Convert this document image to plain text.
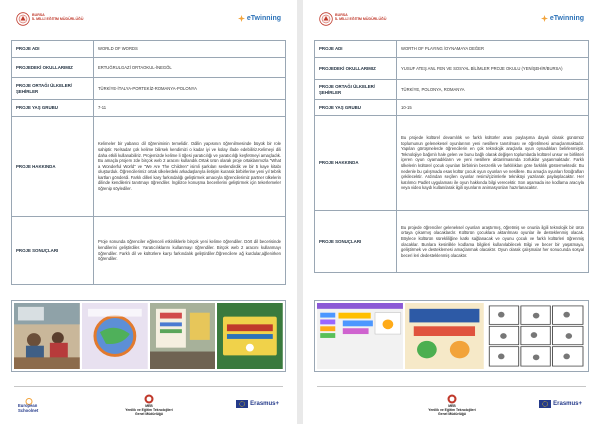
BURSA
İL MİLLİ EĞİTİM MÜDÜRLÜĞÜ	eTwinning
PROJE ADI	WORLD OF WORDS
PROJEDEKİ OKULLARIMIZ	ERTUĞRULGAZİ ORTAOKUL-İNEGÖL
PROJE ORTAĞI ÜLKELER/ŞEHİRLER	TÜRKİYE-İTALYA-PORTEKİZ-ROMANYA-POLONYA
PROJE YAŞ GRUBU	7-11
PROJE HAKKINDA	Kelimeler bir yabancı dil öğreniminin temelidir. Odilin yapısının öğrenilmesinde büyük bir role sahiptir. Nelsadar çok kelime bilirsek kendimizi o kadar iyi ve kolay ifade edebiliriz.Kelimeyi dili daha etkili kullanabiliriz. Projemizde kelime li öğesi yaratıcılığı ve yaratıcılığı keşfetmeyi amaçladık. Bu amaçla projem zde birçok web 2 aracını kullandık.Ortak ürün olarak proje ortaklarımızla "What a Wonderful World" ve "We Are The Children" isimli şarkıları seslendirdik ve bir 5 kaye kitabı oluşturduk. Öğrencilerimiz ortak ülkelerdeki arkadaşlarıyla iletişim kurarak birbirlerine yeni yıl tebrik kartları gönderdi. Farklı dilleri kary farkındalığı geliştirmek amacıyla öğrencilerimiz partner ülkelerin dilinde kendilerini tanıtmayı öğrendiler. İngilizce konuşma becerilerini geliştirmek için tekerlemeler öğrenip söylediler.
PROJE SONUÇLARI	Proje sonunda öğrenciler eğlenceli etkinliklerle birçok yeni kelime öğrendiler. Dört dil becerisinde kendilerini geliştirdiler. Yaratıcılıklarını kullanmayı öğrendiler. Birçok web 2 aracını kullanmayı öğrendiler. Farklı dil ve kültürlere karşı farkındalık geliştirdiler.Öğrencilere ağ kurdular,ağlenirken öğrendiler.
European
Schoolnet
MEB
Yenilik ve Eğitim Teknolojileri
Genel Müdürlüğü
Erasmus+
BURSA
İL MİLLİ EĞİTİM MÜDÜRLÜĞÜ	eTwinning
PROJE ADI	WORTH OF PLAYING /OYNAMAYA DEĞER
PROJEDEKİ OKULLARIMIZ	YUSUF ATEŞ ANL FEN VE SOSYAL BİLİMLER PROJE OKULU (YENİŞEHİR/BURSA)
PROJE ORTAĞI ÜLKELER/ŞEHİRLER	TÜRKİYE, POLONYA, ROMANYA
PROJE YAŞ GRUBU	10-15
PROJE HAKKINDA	Bu projede kültürel devamlılık ve farklı kültürler arası paylaşıma dayalı olarak günümüz toplumunun gelenekesel oyunlarının yeni nesillere tanıtılması ve öğretilmesi amaçlanmaktadır. Yapılan görüşmelerde öğrencilerin en çok teknolojik araçlarla oyun oynadıkları belirlenmiştir. Teknolojiye bağımlı hale gelen ve bunu bağlı olarak değişen toplumlarda kültürel unsur ve birlikteri içeren oyun oyamadıkların ve yeni nesillere aktarılmasında zorluklar yaşanmaktadır. Farklı ülkelerin kültürel çocuk oyunları birbirinin benzerlik ve farklılıkları göre farklılık göstermektedir. Bu nedenle bu çalışmada esas kültür çocuk oyun oyunları ve nesillere. Bu amaçla oyunları fotoğrafları çekilecektir. Ardından seçilen oyunlar resimi/çizimlerle tekniküyi yazılarak paylaşılacaktır. Her katılımcı Padlet uygulaması ile oyun hakkında bilgi verecektir. Son aşamada ise kodlama aracıyla veya video kaydı kullanılarak ilgili oyunların animasyonları hazırlanacaktır.
PROJE SONUÇLARI	Bu projede öğrenciler geleneksel oyunları araştırmış, öğretmiş ve onunla ilgili teknolojik bir ürün ortaya çıkarmış olacaklardır. Kültürün çocuklara aktarılması oyunlar ile desteklenmiş olacak. Böylece kültürün sürekliliğine katkı sağlanacak ve oyunu çocuk ve farklı kültürleri öğrenmiş olacaklar. Bunlara kesinlikle kodlama bilgileri kullanılabilecek Bilgi ve becer bir yaşatmaya, geliştirmek ve desteklemesi amaçlanmak olacaktır. Oyun olarak çalışmalar her sonucunda sosyal beceri leri dedesteklenmiş olacaktır.
MEB
Yenilik ve Eğitim Teknolojileri
Genel Müdürlüğü
Erasmus+
